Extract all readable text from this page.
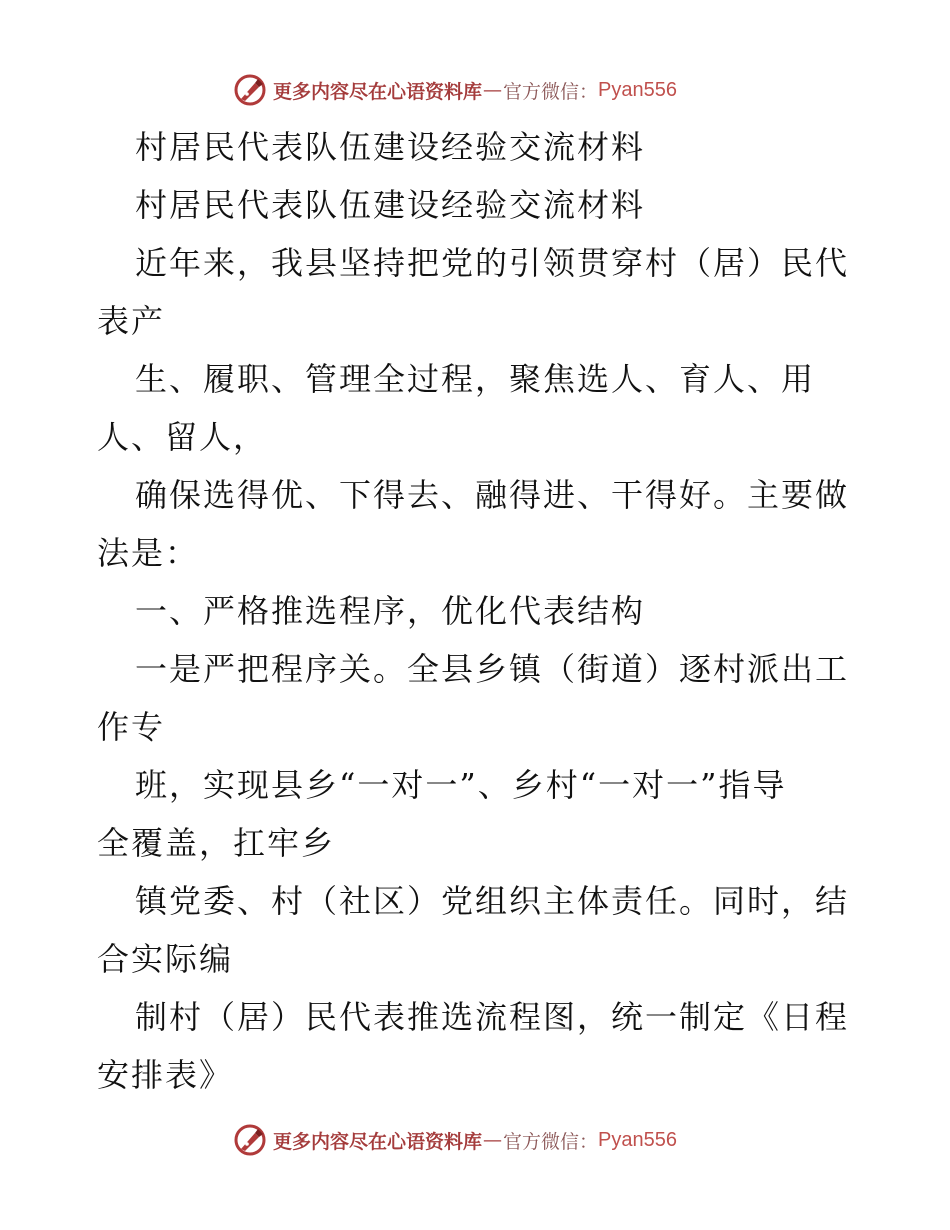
更多内容尽在心语资料库 — 官方微信： Pyan556
村居民代表队伍建设经验交流材料
村居民代表队伍建设经验交流材料
近年来，我县坚持把党的引领贯穿村（居）民代
表产
生、履职、管理全过程，聚焦选人、育人、用
人、留人，
确保选得优、下得去、融得进、干得好。主要做
法是：
一、严格推选程序，优化代表结构
一是严把程序关。全县乡镇（街道）逐村派出工
作专
班，实现县乡“一对一”、乡村“一对一”指导
全覆盖，扛牢乡
镇党委、村（社区）党组织主体责任。同时，结
合实际编
制村（居）民代表推选流程图，统一制定《日程
安排表》
更多内容尽在心语资料库 — 官方微信： Pyan556
